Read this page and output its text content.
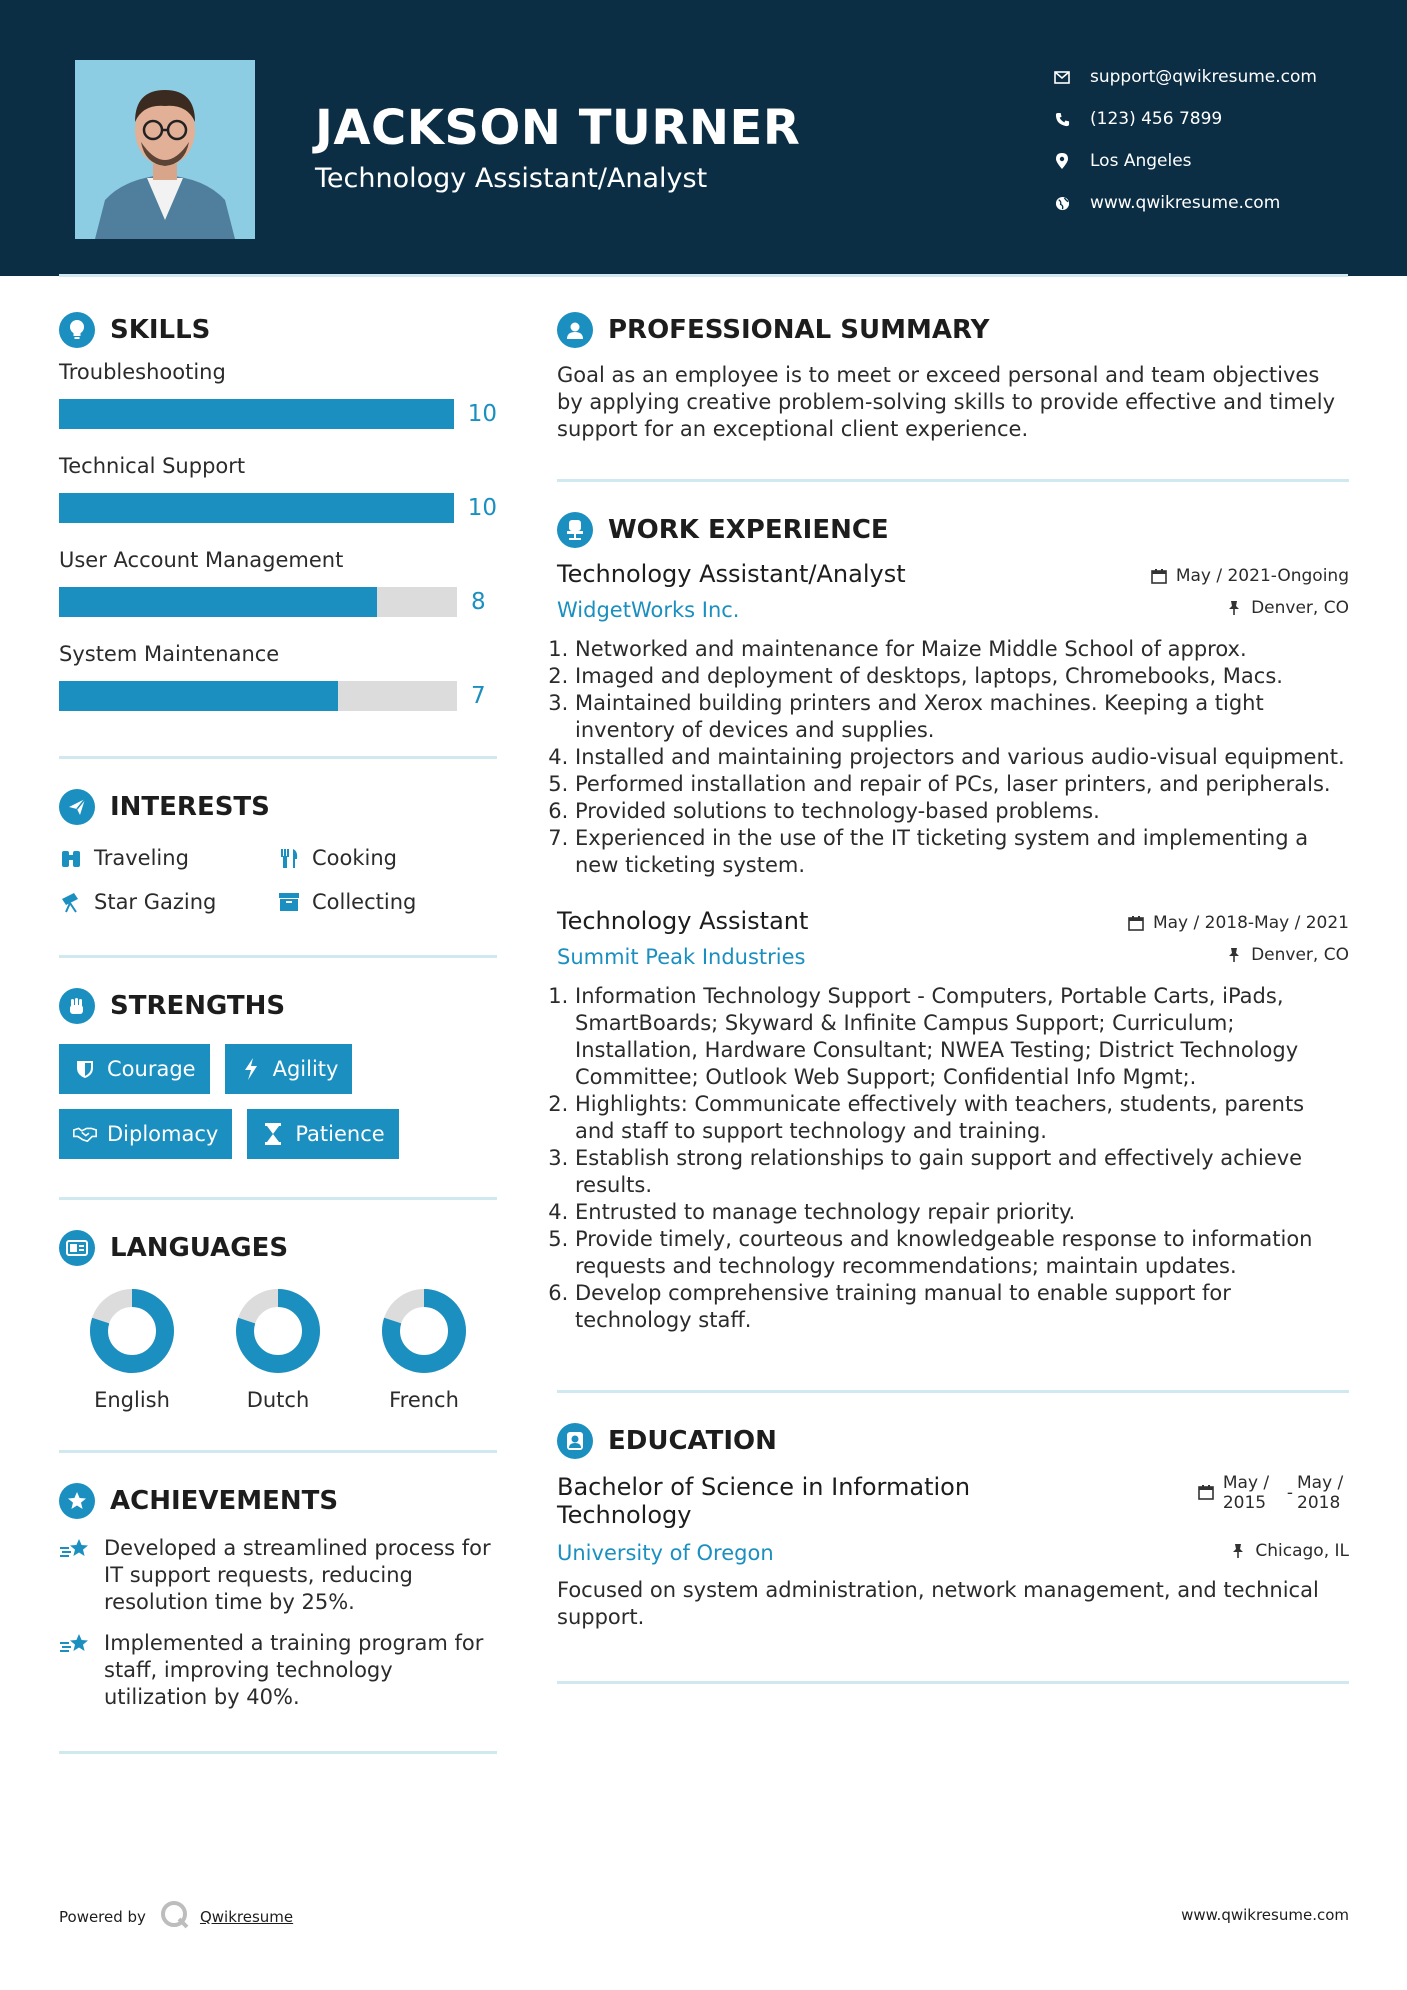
JACKSON TURNER
Technology Assistant/Analyst
support@qwikresume.com
(123) 456 7899
Los Angeles
www.qwikresume.com
SKILLS
Troubleshooting
10
Technical Support
10
User Account Management
8
System Maintenance
7
INTERESTS
Traveling	Cooking
Star Gazing	Collecting
STRENGTHS
Courage	Agility
Diplomacy	Patience
LANGUAGES
English	Dutch	French
ACHIEVEMENTS
Developed a streamlined process for IT support requests, reducing resolution time by 25%.
Implemented a training program for staff, improving technology utilization by 40%.
PROFESSIONAL SUMMARY
Goal as an employee is to meet or exceed personal and team objectives by applying creative problem-solving skills to provide effective and timely support for an exceptional client experience.
WORK EXPERIENCE
Technology Assistant/Analyst	May / 2021-Ongoing
WidgetWorks Inc.	Denver, CO
1. Networked and maintenance for Maize Middle School of approx.
2. Imaged and deployment of desktops, laptops, Chromebooks, Macs.
3. Maintained building printers and Xerox machines. Keeping a tight inventory of devices and supplies.
4. Installed and maintaining projectors and various audio-visual equipment.
5. Performed installation and repair of PCs, laser printers, and peripherals.
6. Provided solutions to technology-based problems.
7. Experienced in the use of the IT ticketing system and implementing a new ticketing system.
Technology Assistant	May / 2018-May / 2021
Summit Peak Industries	Denver, CO
1. Information Technology Support - Computers, Portable Carts, iPads, SmartBoards; Skyward & Infinite Campus Support; Curriculum; Installation, Hardware Consultant; NWEA Testing; District Technology Committee; Outlook Web Support; Confidential Info Mgmt;.
2. Highlights: Communicate effectively with teachers, students, parents and staff to support technology and training.
3. Establish strong relationships to gain support and effectively achieve results.
4. Entrusted to manage technology repair priority.
5. Provide timely, courteous and knowledgeable response to information requests and technology recommendations; maintain updates.
6. Develop comprehensive training manual to enable support for technology staff.
EDUCATION
Bachelor of Science in Information Technology
May / 2015	- May / 2018
University of Oregon	Chicago, IL
Focused on system administration, network management, and technical support.
Powered by	Qwikresume	www.qwikresume.com
